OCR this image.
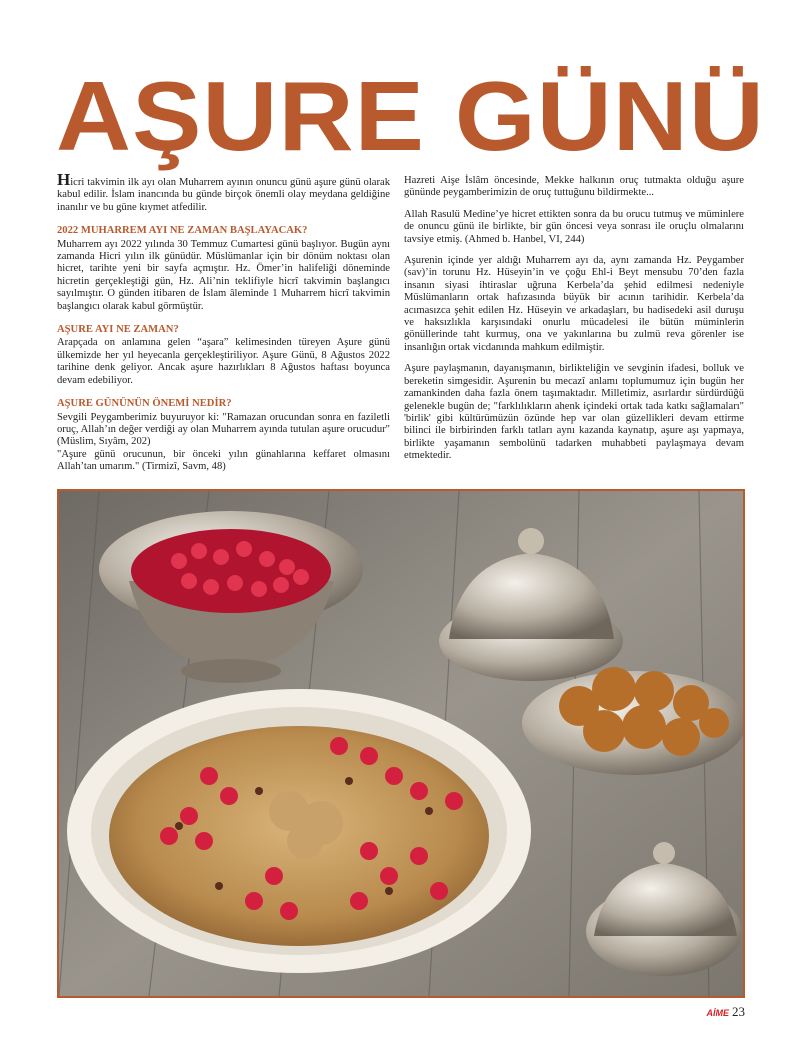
AŞURE GÜNÜ

Hicri takvimin ilk ayı olan Muharrem ayının onuncu günü aşure günü olarak kabul edilir. İslam inancında bu günde birçok önemli olay meydana geldiğine inanılır ve bu güne kıymet atfedilir.

2022 MUHARREM AYI NE ZAMAN BAŞLAYACAK?

Muharrem ayı 2022 yılında 30 Temmuz Cumartesi günü başlıyor. Bugün aynı zamanda Hicri yılın ilk günüdür. Müslümanlar için bir dönüm noktası olan hicret, tarihte yeni bir sayfa açmıştır. Hz. Ömer’in halifeliği döneminde hicretin gerçekleştiği gün, Hz. Ali’nin teklifiyle hicrî takvimin başlangıcı sayılmıştır. O günden itibaren de İslam âleminde 1 Muharrem hicrî takvimin başlangıcı olarak kabul görmüştür.

AŞURE AYI NE ZAMAN?

Arapçada on anlamına gelen “aşara” kelimesinden türeyen Aşure günü ülkemizde her yıl heyecanla gerçekleştiriliyor. Aşure Günü, 8 Ağustos 2022 tarihine denk geliyor. Ancak aşure hazırlıkları 8 Ağustos haftası boyunca devam edebiliyor.

AŞURE GÜNÜNÜN ÖNEMİ NEDİR?

Sevgili Peygamberimiz buyuruyor ki: "Ramazan orucundan sonra en faziletli oruç, Allah’ın değer verdiği ay olan Muharrem ayında tutulan aşure orucudur" (Müslim, Sıyâm, 202)

"Aşure günü orucunun, bir önceki yılın günahlarına keffaret olmasını Allah’tan umarım." (Tirmizî, Savm, 48)

Hazreti Aişe İslâm öncesinde, Mekke halkının oruç tutmakta olduğu aşure gününde peygamberimizin de oruç tuttuğunu bildirmekte...

Allah Rasulü Medine’ye hicret ettikten sonra da bu orucu tutmuş ve müminlere de onuncu günü ile birlikte, bir gün öncesi veya sonrası ile oruçlu olmalarını tavsiye etmiş. (Ahmed b. Hanbel, VI, 244)

Aşurenin içinde yer aldığı Muharrem ayı da, aynı zamanda Hz. Peygamber (sav)’in torunu Hz. Hüseyin’in ve çoğu Ehl-i Beyt mensubu 70’den fazla insanın siyasi ihtiraslar uğruna Kerbela’da şehid edilmesi nedeniyle Müslümanların ortak hafızasında büyük bir acının tarihidir. Kerbela’da acımasızca şehit edilen Hz. Hüseyin ve arkadaşları, bu hadisedeki asil duruşu ve haksızlıkla karşısındaki onurlu mücadelesi ile bütün müminlerin gönüllerinde taht kurmuş, ona ve yakınlarına bu zulmü reva görenler ise insanlığın ortak vicdanında mahkum edilmiştir.

Aşure paylaşmanın, dayanışmanın, birlikteliğin ve sevginin ifadesi, bolluk ve bereketin simgesidir. Aşurenin bu mecazî anlamı toplumumuz için bugün her zamankinden daha fazla önem taşımaktadır. Milletimiz, asırlardır sürdürdüğü gelenekle bugün de; "farklılıkların ahenk içindeki ortak tada katkı sağlamaları" 'birlik' gibi kültürümüzün özünde hep var olan güzellikleri devam ettirme bilinci ile birbirinden farklı tatları aynı kazanda kaynatıp, aşure aşı yapmaya, birlikte yaşamanın sembolünü tadarken muhabbeti paylaşmaya devam etmektedir.

AİME 23
